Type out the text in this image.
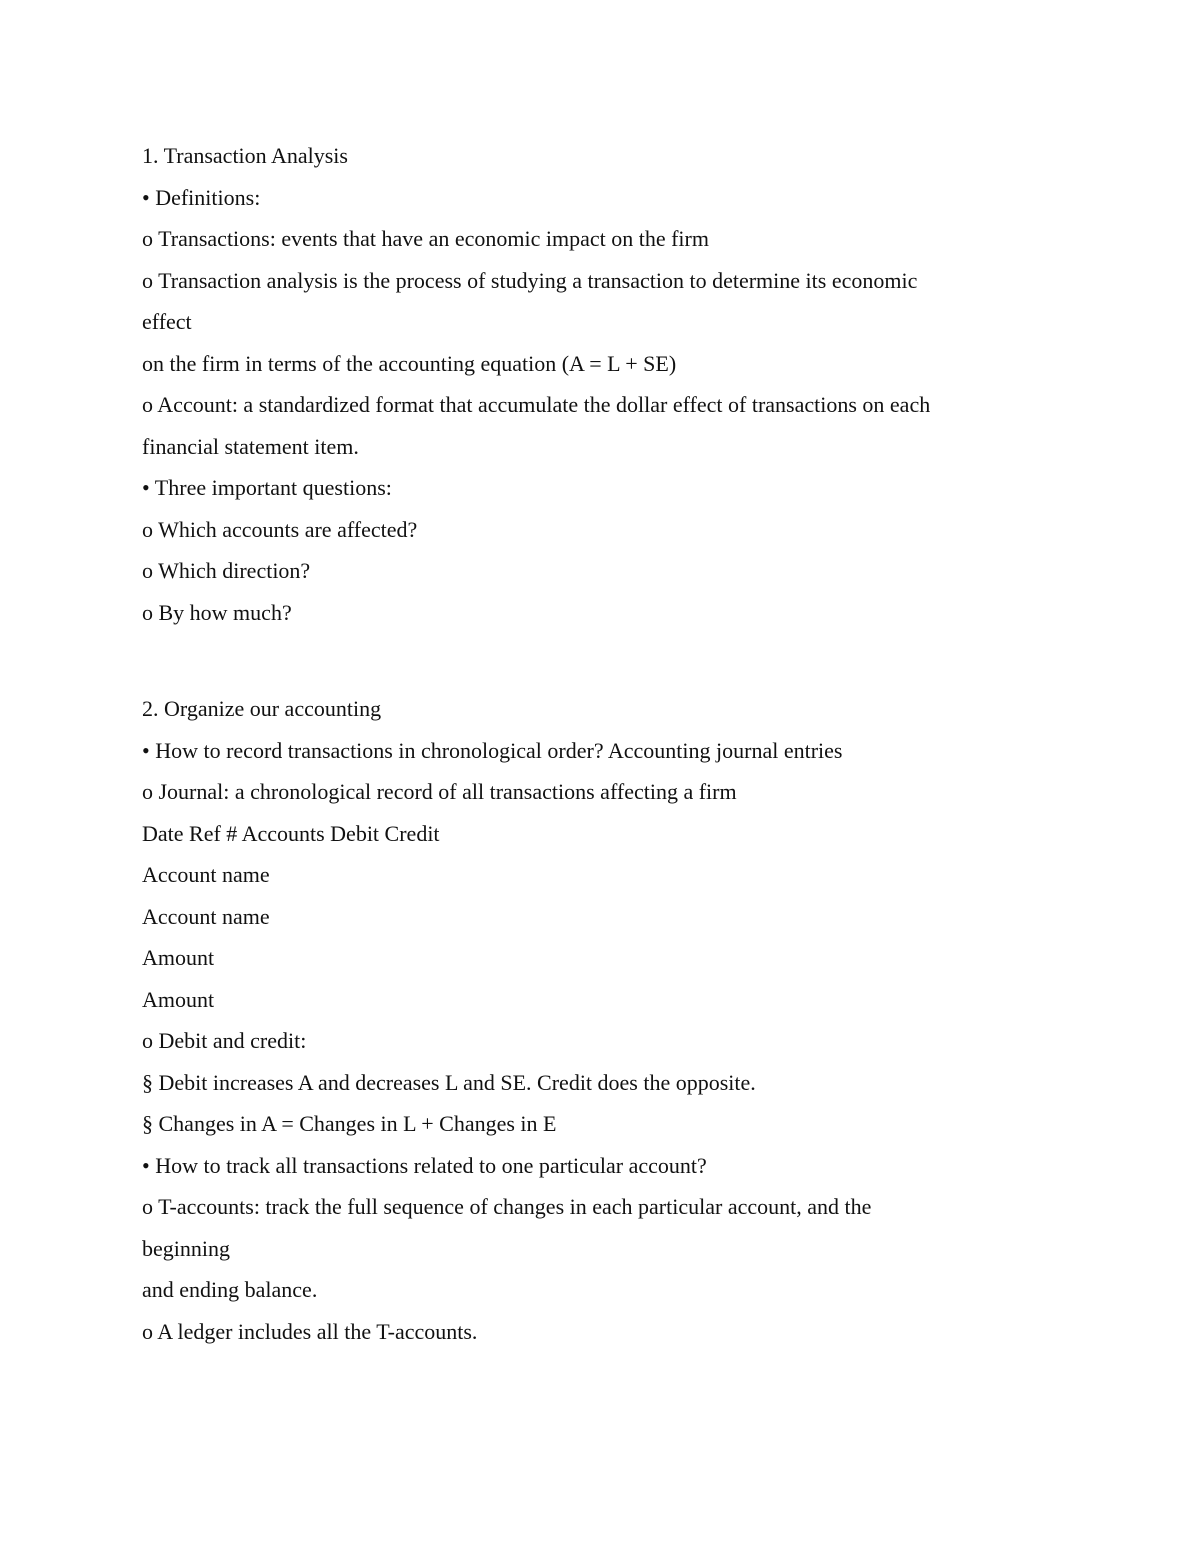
1. Transaction Analysis
• Definitions:
o Transactions: events that have an economic impact on the firm
o Transaction analysis is the process of studying a transaction to determine its economic
effect
on the firm in terms of the accounting equation (A = L + SE)
o Account: a standardized format that accumulate the dollar effect of transactions on each
financial statement item.
• Three important questions:
o Which accounts are affected?
o Which direction?
o By how much?
2. Organize our accounting
• How to record transactions in chronological order? Accounting journal entries
o Journal: a chronological record of all transactions affecting a firm
Date Ref # Accounts Debit Credit
Account name
Account name
Amount
Amount
o Debit and credit:
§ Debit increases A and decreases L and SE. Credit does the opposite.
§ Changes in A = Changes in L + Changes in E
• How to track all transactions related to one particular account?
o T-accounts: track the full sequence of changes in each particular account, and the
beginning
and ending balance.
o A ledger includes all the T-accounts.
